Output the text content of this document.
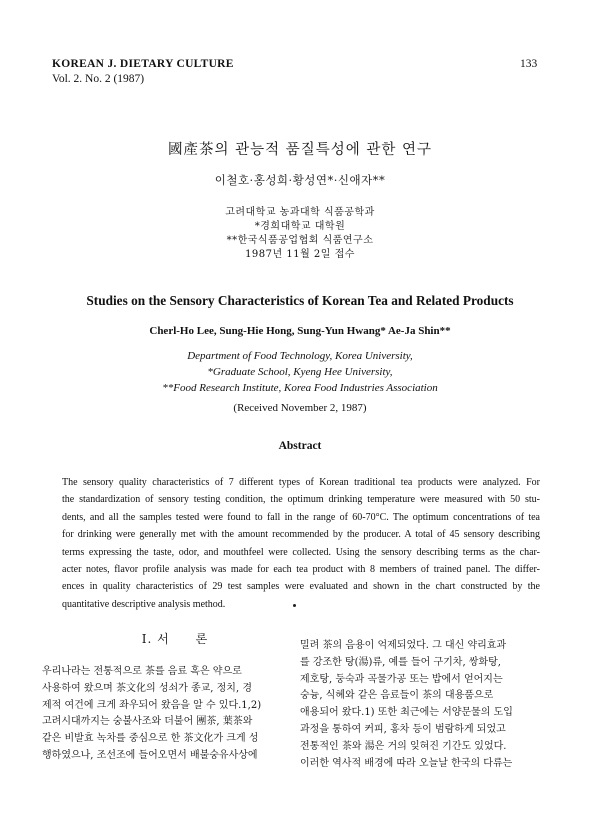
KOREAN J. DIETARY CULTURE
Vol. 2. No. 2 (1987)
133
國產茶의 관능적 품질특성에 관한 연구
이철호·홍성희·황성연*·신애자**
고려대학교 농과대학 식품공학과
*경희대학교 대학원
**한국식품공업협회 식품연구소
1987년 11월 2일 접수
Studies on the Sensory Characteristics of Korean Tea and Related Products
Cherl-Ho Lee, Sung-Hie Hong, Sung-Yun Hwang* Ae-Ja Shin**
Department of Food Technology, Korea University,
*Graduate School, Kyeng Hee University,
**Food Research Institute, Korea Food Industries Association
(Received November 2, 1987)
Abstract
The sensory quality characteristics of 7 different types of Korean traditional tea products were analyzed. For
the standardization of sensory testing condition, the optimum drinking temperature were measured with 50 stu-
dents, and all the samples tested were found to fall in the range of 60-70°C. The optimum concentrations of tea
for drinking were generally met with the amount recommended by the producer. A total of 45 sensory describing
terms expressing the taste, odor, and mouthfeel were collected. Using the sensory describing terms as the char-
acter notes, flavor profile analysis was made for each tea product with 8 members of trained panel. The differ-
ences in quality characteristics of 29 test samples were evaluated and shown in the chart constructed by the
quantitative descriptive analysis method.
Ⅰ. 서　　론
우리나라는 전통적으로 茶를 음료 혹은 약으로
사용하여 왔으며 茶文化의 성쇠가 종교, 정치, 경
제적 여건에 크게 좌우되어 왔음을 알 수 있다.1,2)
고려시대까지는 숭불사조와 더불어 團茶, 葉茶와
같은 비발효 녹차를 중심으로 한 茶文化가 크게 성
행하였으나, 조선조에 들어오면서 배불숭유사상에
밀려 茶의 음용이 억제되었다. 그 대신 약리효과
를 강조한 탕(湯)류, 예를 들어 구기차, 쌍화탕,
제호탕, 둥숙과 곡물가공 또는 밥에서 얻어지는
숭늉, 식혜와 같은 음료들이 茶의 대용품으로
애용되어 왔다.1) 또한 최근에는 서양문물의 도입
과정을 통하여 커피, 홍차 등이 범람하게 되었고
전통적인 茶와 湯은 거의 잊혀진 기간도 있었다.
이러한 역사적 배경에 따라 오늘날 한국의 다류는
